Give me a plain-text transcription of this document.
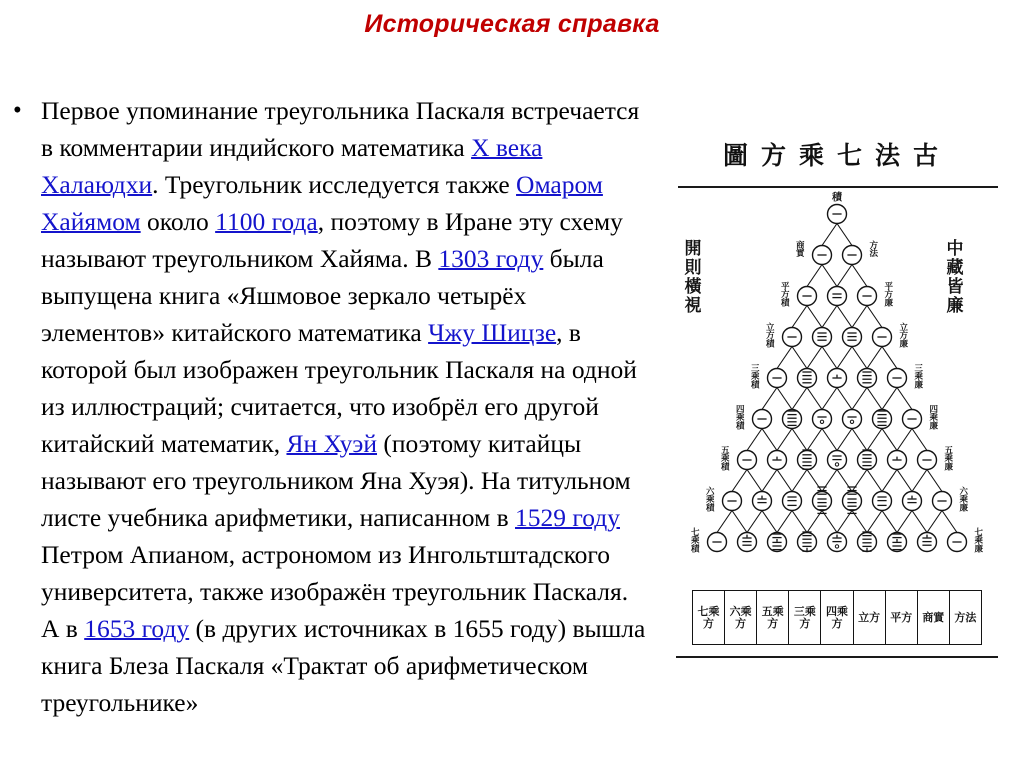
Историческая справка
• Первое упоминание треугольника Паскаля встречается в комментарии индийского математика X века Халаюдхи. Треугольник исследуется также Омаром Хайямом около 1100 года, поэтому в Иране эту схему называют треугольником Хайяма. В 1303 году была выпущена книга «Яшмовое зеркало четырёх элементов» китайского математика Чжу Шицзе, в которой был изображен треугольник Паскаля на одной из иллюстраций; считается, что изобрёл его другой китайский математик, Ян Хуэй (поэтому китайцы называют его треугольником Яна Хуэя). На титульном листе учебника арифметики, написанном в 1529 году Петром Апианом, астрономом из Ингольтштадского университета, также изображён треугольник Паскаля. А в 1653 году (в других источниках в 1655 году) вышла книга Блеза Паскаля «Трактат об арифметическом треугольнике»
圖方乘七法古
開
則
橫
視
中
藏
皆
廉
積
商
實
平
方
積
立
方
積
三
乘
積
四
乘
積
五
乘
積
六
乘
積
七
乘
積
方
法
平
方
廉
立
方
廉
三
乘
廉
四
乘
廉
五
乘
廉
六
乘
廉
七
乘
廉
七乘方
六乘方
五乘方
三乘方
四乘方	立方 平方 商實 方法
